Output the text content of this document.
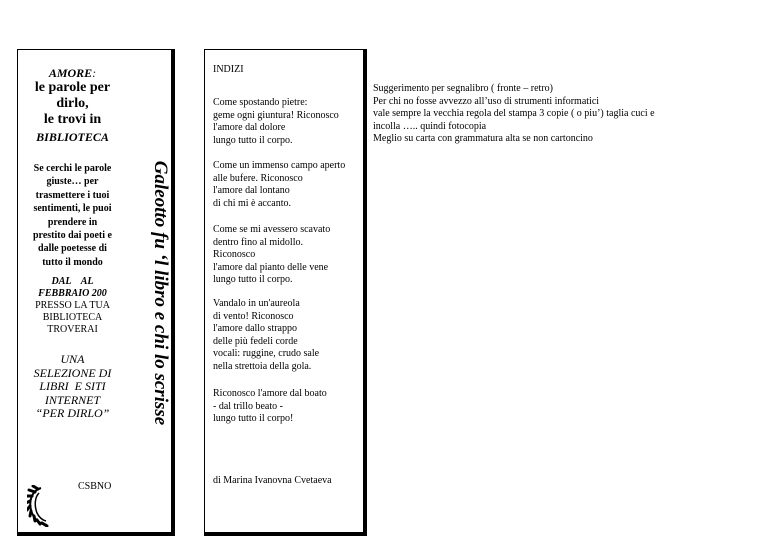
AMORE:
le parole per
dirlo,
le trovi in
BIBLIOTECA
Se cerchi le parole
giuste… per
trasmettere i tuoi
sentimenti, le puoi
prendere in
prestito dai poeti e
dalle poetesse di
tutto il mondo
DAL    AL
FEBBRAIO 200
PRESSO LA TUA
BIBLIOTECA
TROVERAI
UNA
SELEZIONE DI
LIBRI  E SITI
INTERNET
“PER DIRLO”	Galeotto fu ‘l libro e chi lo scrisse
CSBNO
INDIZI
Come spostando pietre:
geme ogni giuntura! Riconosco
l'amore dal dolore
lungo tutto il corpo.
Come un immenso campo aperto
alle bufere. Riconosco
l'amore dal lontano
di chi mi è accanto.
Come se mi avessero scavato
dentro fino al midollo.
Riconosco
l'amore dal pianto delle vene
lungo tutto il corpo.
Vandalo in un'aureola
di vento! Riconosco
l'amore dallo strappo
delle più fedeli corde
vocali: ruggine, crudo sale
nella strettoia della gola.
Riconosco l'amore dal boato
- dal trillo beato -
lungo tutto il corpo!
di Marina Ivanovna Cvetaeva
Suggerimento per segnalibro ( fronte – retro)
Per chi no fosse avvezzo all’uso di strumenti informatici
vale sempre la vecchia regola del stampa 3 copie ( o piu’) taglia cuci e
incolla ….. quindi fotocopia
Meglio su carta con grammatura alta se non cartoncino
